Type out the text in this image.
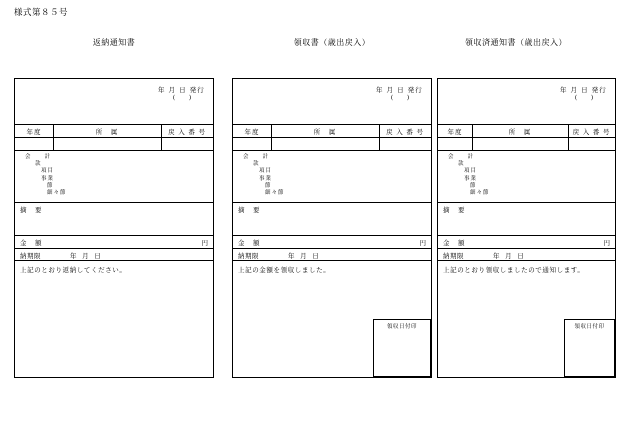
様式第８５号
返納通知書
年 月 日 発行
( )
年度	所　属	戻 入 番 号
会　　計
款
項目
事業
節
細々節
摘　要
金　額	円
納期限	年 月 日
上記のとおり返納してください。
領収書（歳出戻入）
年 月 日 発行
( )
年度	所　属	戻 入 番 号
会　　計
款
項目
事業
節
細々節
摘　要
金　額	円
納期限	年 月 日
上記の金額を領収しました。
領収日付印
領収済通知書（歳出戻入）
年 月 日 発行
( )
年度	所　属	戻 入 番 号
会　　計
款
項目
事業
節
細々節
摘　要
金　額	円
納期限	年 月 日
上記のとおり領収しましたので通知します。
領収日付印
